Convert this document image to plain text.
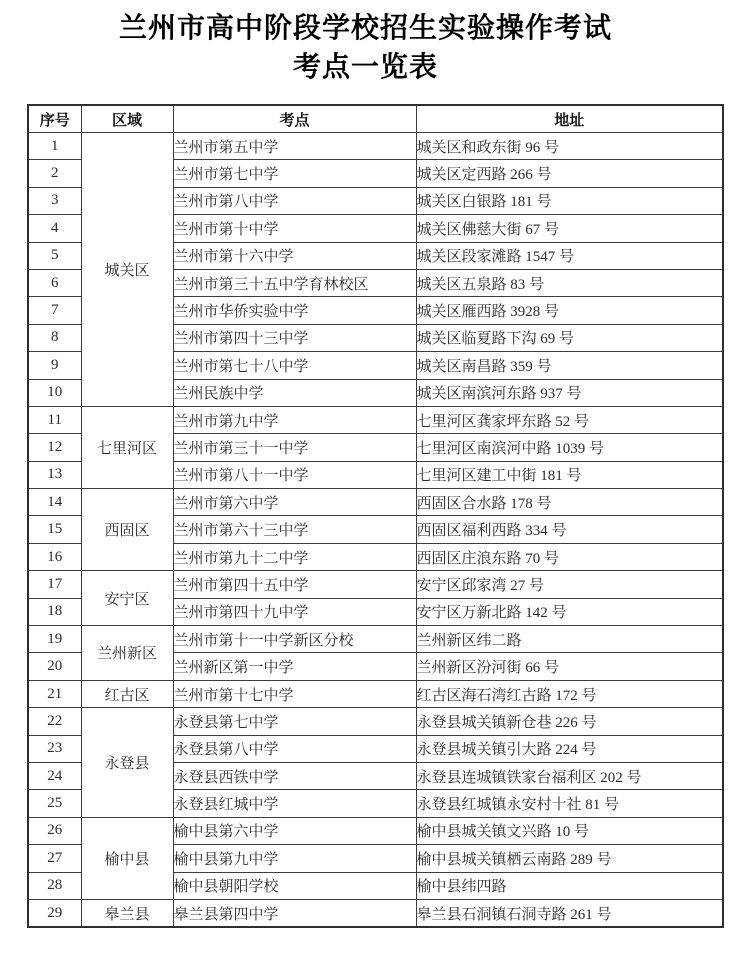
兰州市高中阶段学校招生实验操作考试
考点一览表
序号	区域	考点	地址
1	城关区	兰州市第五中学	城关区和政东街 96 号
2		兰州市第七中学	城关区定西路 266 号
3		兰州市第八中学	城关区白银路 181 号
4		兰州市第十中学	城关区佛慈大街 67 号
5		兰州市第十六中学	城关区段家滩路 1547 号
6		兰州市第三十五中学育林校区	城关区五泉路 83 号
7		兰州市华侨实验中学	城关区雁西路 3928 号
8		兰州市第四十三中学	城关区临夏路下沟 69 号
9		兰州市第七十八中学	城关区南昌路 359 号
10		兰州民族中学	城关区南滨河东路 937 号
11	七里河区	兰州市第九中学	七里河区龚家坪东路 52 号
12		兰州市第三十一中学	七里河区南滨河中路 1039 号
13		兰州市第八十一中学	七里河区建工中街 181 号
14	西固区	兰州市第六中学	西固区合水路 178 号
15		兰州市第六十三中学	西固区福利西路 334 号
16		兰州市第九十二中学	西固区庄浪东路 70 号
17	安宁区	兰州市第四十五中学	安宁区邱家湾 27 号
18		兰州市第四十九中学	安宁区万新北路 142 号
19	兰州新区	兰州市第十一中学新区分校	兰州新区纬二路
20		兰州新区第一中学	兰州新区汾河街 66 号
21	红古区	兰州市第十七中学	红古区海石湾红古路 172 号
22	永登县	永登县第七中学	永登县城关镇新仓巷 226 号
23		永登县第八中学	永登县城关镇引大路 224 号
24		永登县西铁中学	永登县连城镇铁家台福利区 202 号
25		永登县红城中学	永登县红城镇永安村十社 81 号
26	榆中县	榆中县第六中学	榆中县城关镇文兴路 10 号
27		榆中县第九中学	榆中县城关镇栖云南路 289 号
28		榆中县朝阳学校	榆中县纬四路
29	皋兰县	皋兰县第四中学	皋兰县石洞镇石洞寺路 261 号
